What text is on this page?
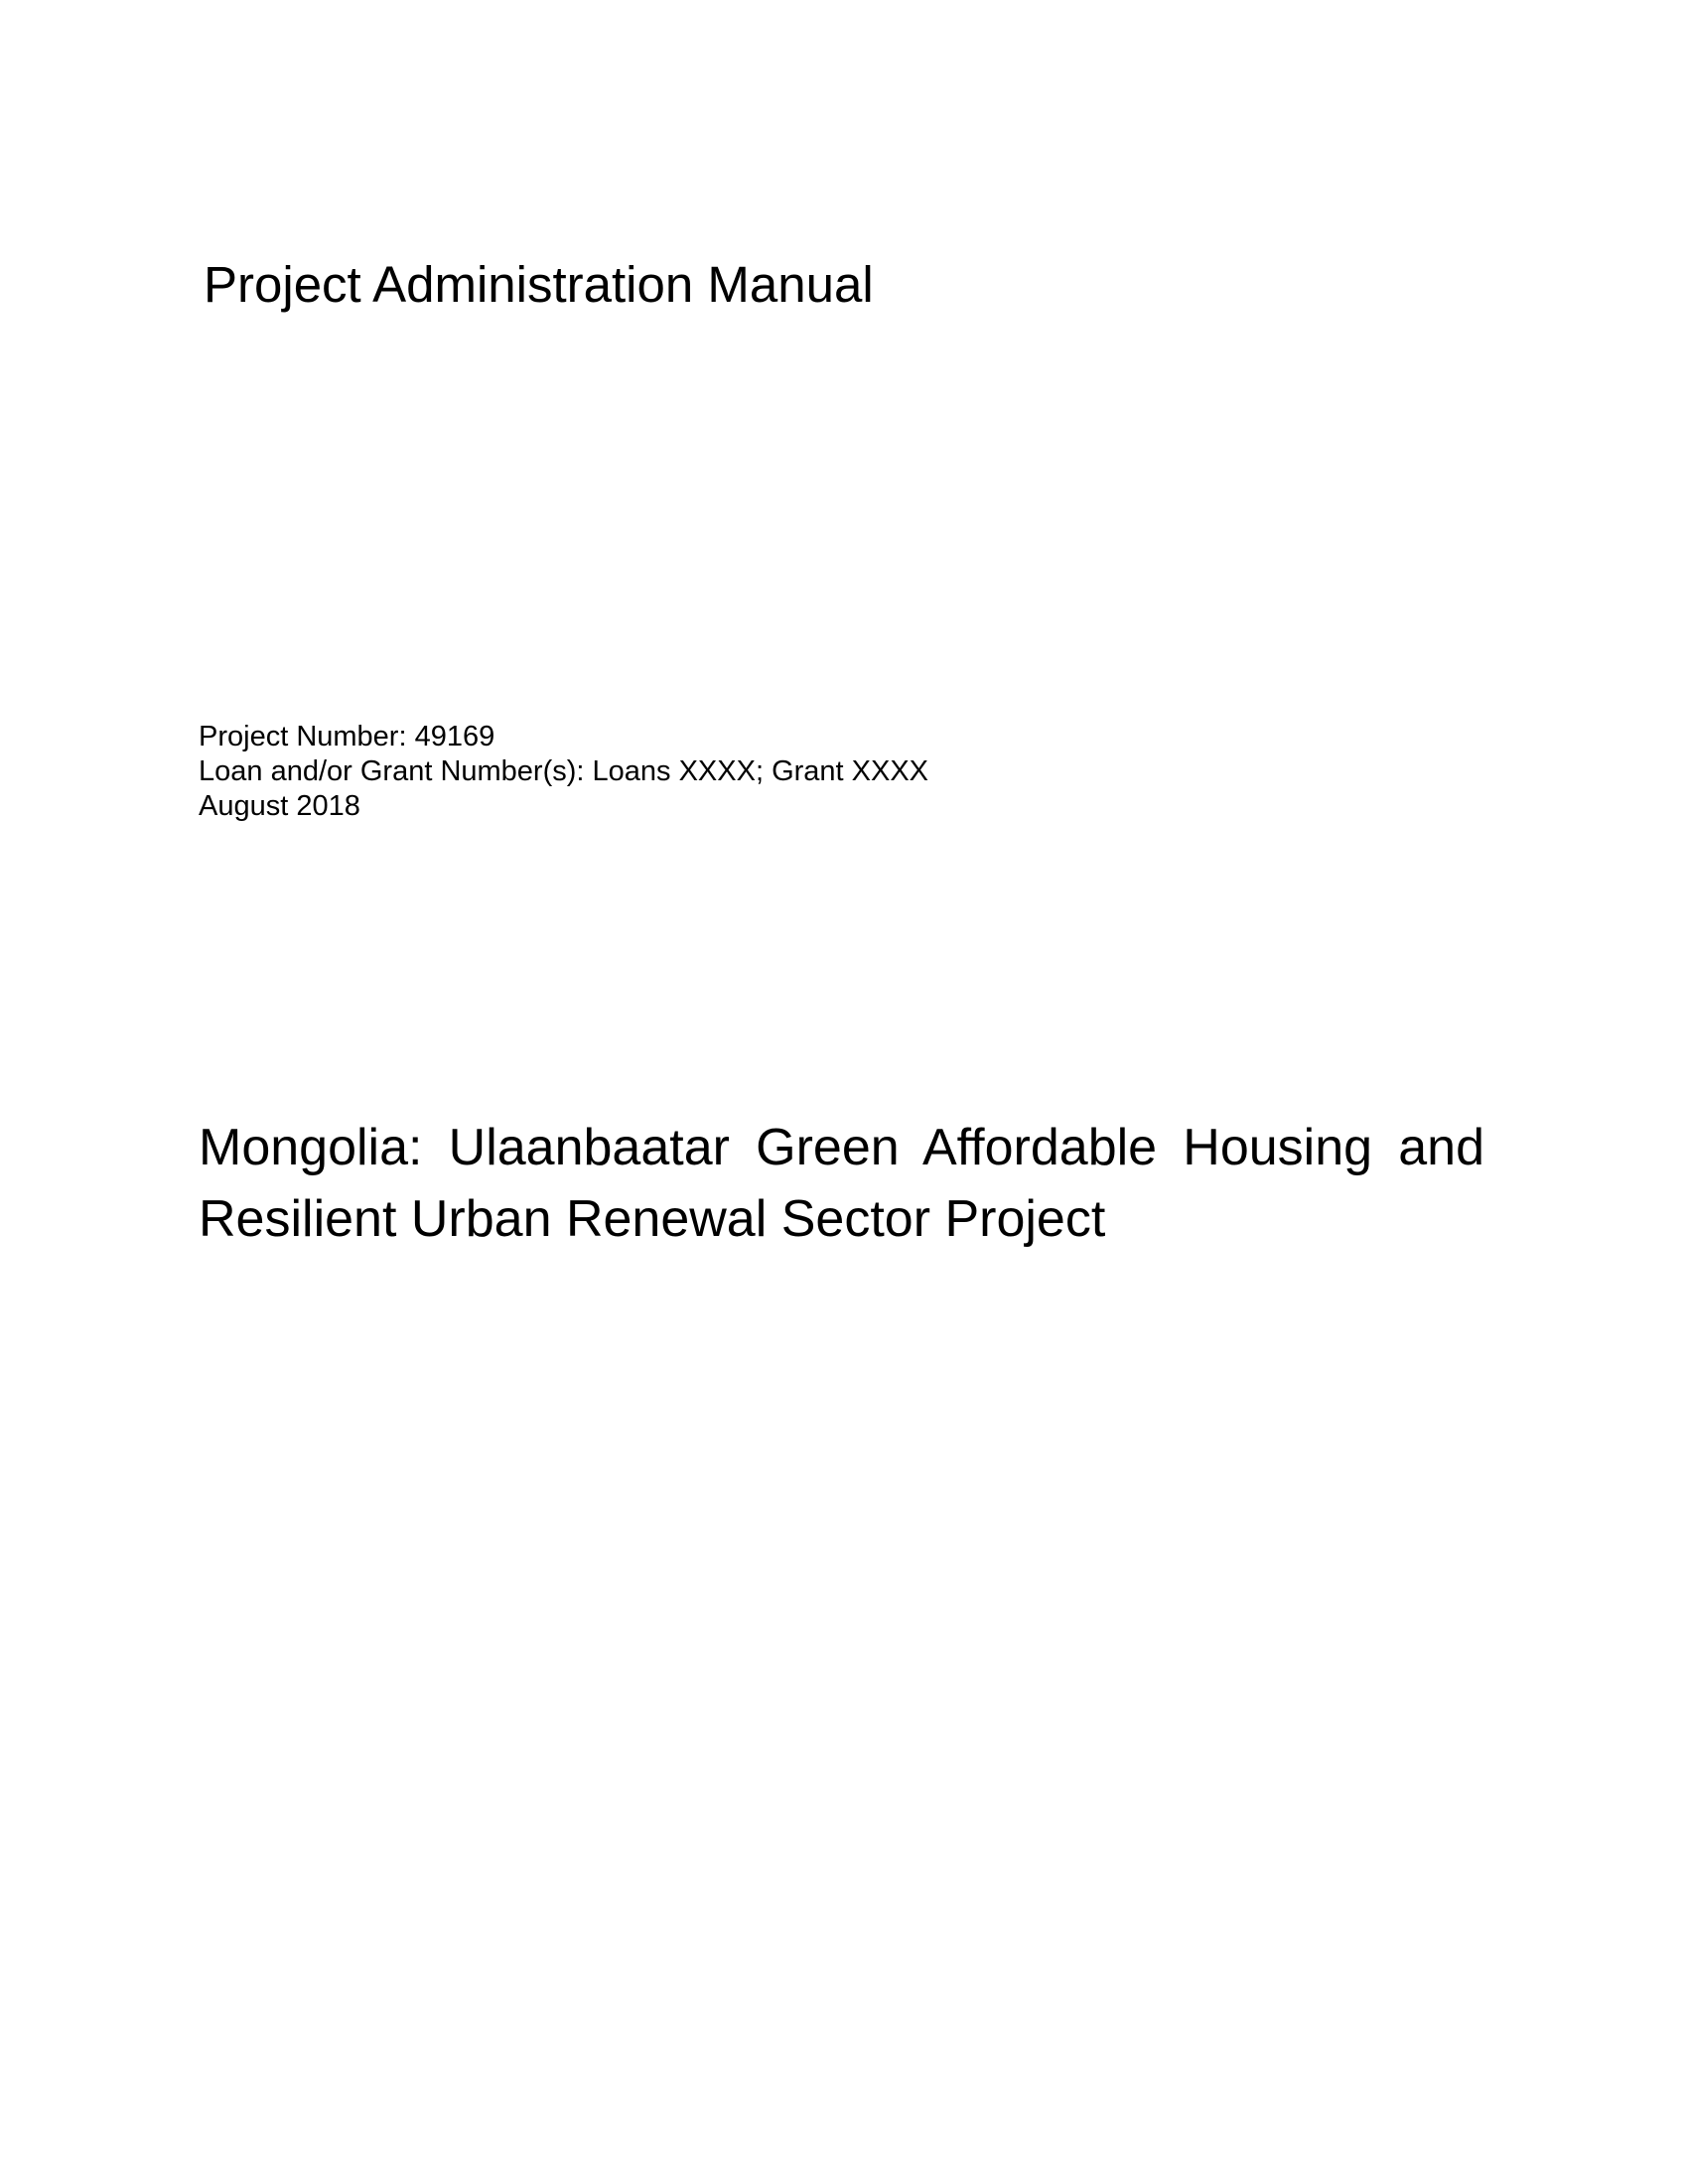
Project Administration Manual
Project Number: 49169
Loan and/or Grant Number(s): Loans XXXX; Grant XXXX
August 2018
Mongolia: Ulaanbaatar Green Affordable Housing and Resilient Urban Renewal Sector Project
